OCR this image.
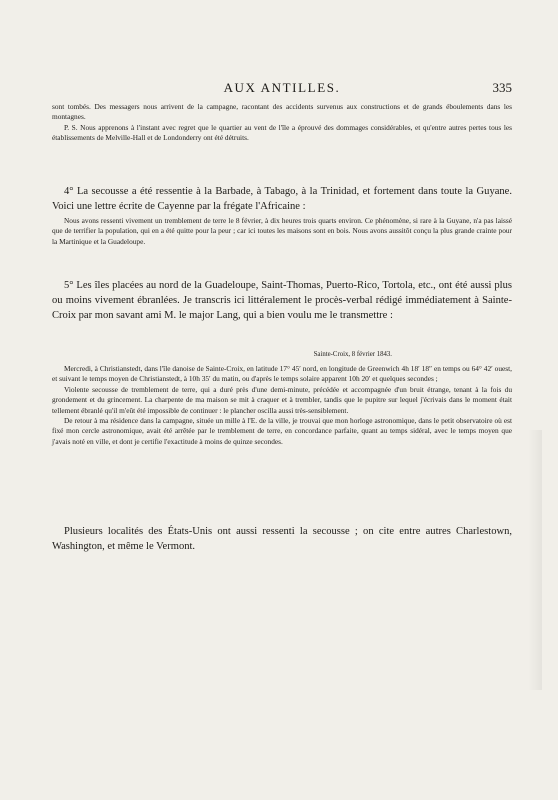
AUX ANTILLES.	335

sont tombés. Des messagers nous arrivent de la campagne, racontant des accidents survenus aux constructions et de grands éboulements dans les montagnes.

P. S. Nous apprenons à l'instant avec regret que le quartier au vent de l'île a éprouvé des dommages considérables, et qu'entre autres pertes tous les établissements de Melville-Hall et de Londonderry ont été détruits.

4° La secousse a été ressentie à la Barbade, à Tabago, à la Trinidad, et fortement dans toute la Guyane. Voici une lettre écrite de Cayenne par la frégate l'Africaine :

Nous avons ressenti vivement un tremblement de terre le 8 février, à dix heures trois quarts environ. Ce phénomène, si rare à la Guyane, n'a pas laissé que de terrifier la population, qui en a été quitte pour la peur ; car ici toutes les maisons sont en bois. Nous avons aussitôt conçu la plus grande crainte pour la Martinique et la Guadeloupe.

5° Les îles placées au nord de la Guadeloupe, Saint-Thomas, Puerto-Rico, Tortola, etc., ont été aussi plus ou moins vivement ébranlées. Je transcris ici littéralement le procès-verbal rédigé immédiatement à Sainte-Croix par mon savant ami M. le major Lang, qui a bien voulu me le transmettre :

Sainte-Croix, 8 février 1843.

Mercredi, à Christianstedt, dans l'île danoise de Sainte-Croix, en latitude 17° 45′ nord, en longitude de Greenwich 4h 18′ 18″ en temps ou 64° 42′ ouest, et suivant le temps moyen de Christianstedt, à 10h 35′ du matin, ou d'après le temps solaire apparent 10h 20′ et quelques secondes ;

Violente secousse de tremblement de terre, qui a duré près d'une demi-minute, précédée et accompagnée d'un bruit étrange, tenant à la fois du grondement et du grincement. La charpente de ma maison se mit à craquer et à trembler, tandis que le pupitre sur lequel j'écrivais dans le moment était tellement ébranlé qu'il m'eût été impossible de continuer : le plancher oscilla aussi très-sensiblement.

De retour à ma résidence dans la campagne, située un mille à l'E. de la ville, je trouvai que mon horloge astronomique, dans le petit observatoire où est fixé mon cercle astronomique, avait été arrêtée par le tremblement de terre, en concordance parfaite, quant au temps sidéral, avec le temps moyen que j'avais noté en ville, et dont je certifie l'exactitude à moins de quinze secondes.

Plusieurs localités des États-Unis ont aussi ressenti la secousse ; on cite entre autres Charlestown, Washington, et même le Vermont.
